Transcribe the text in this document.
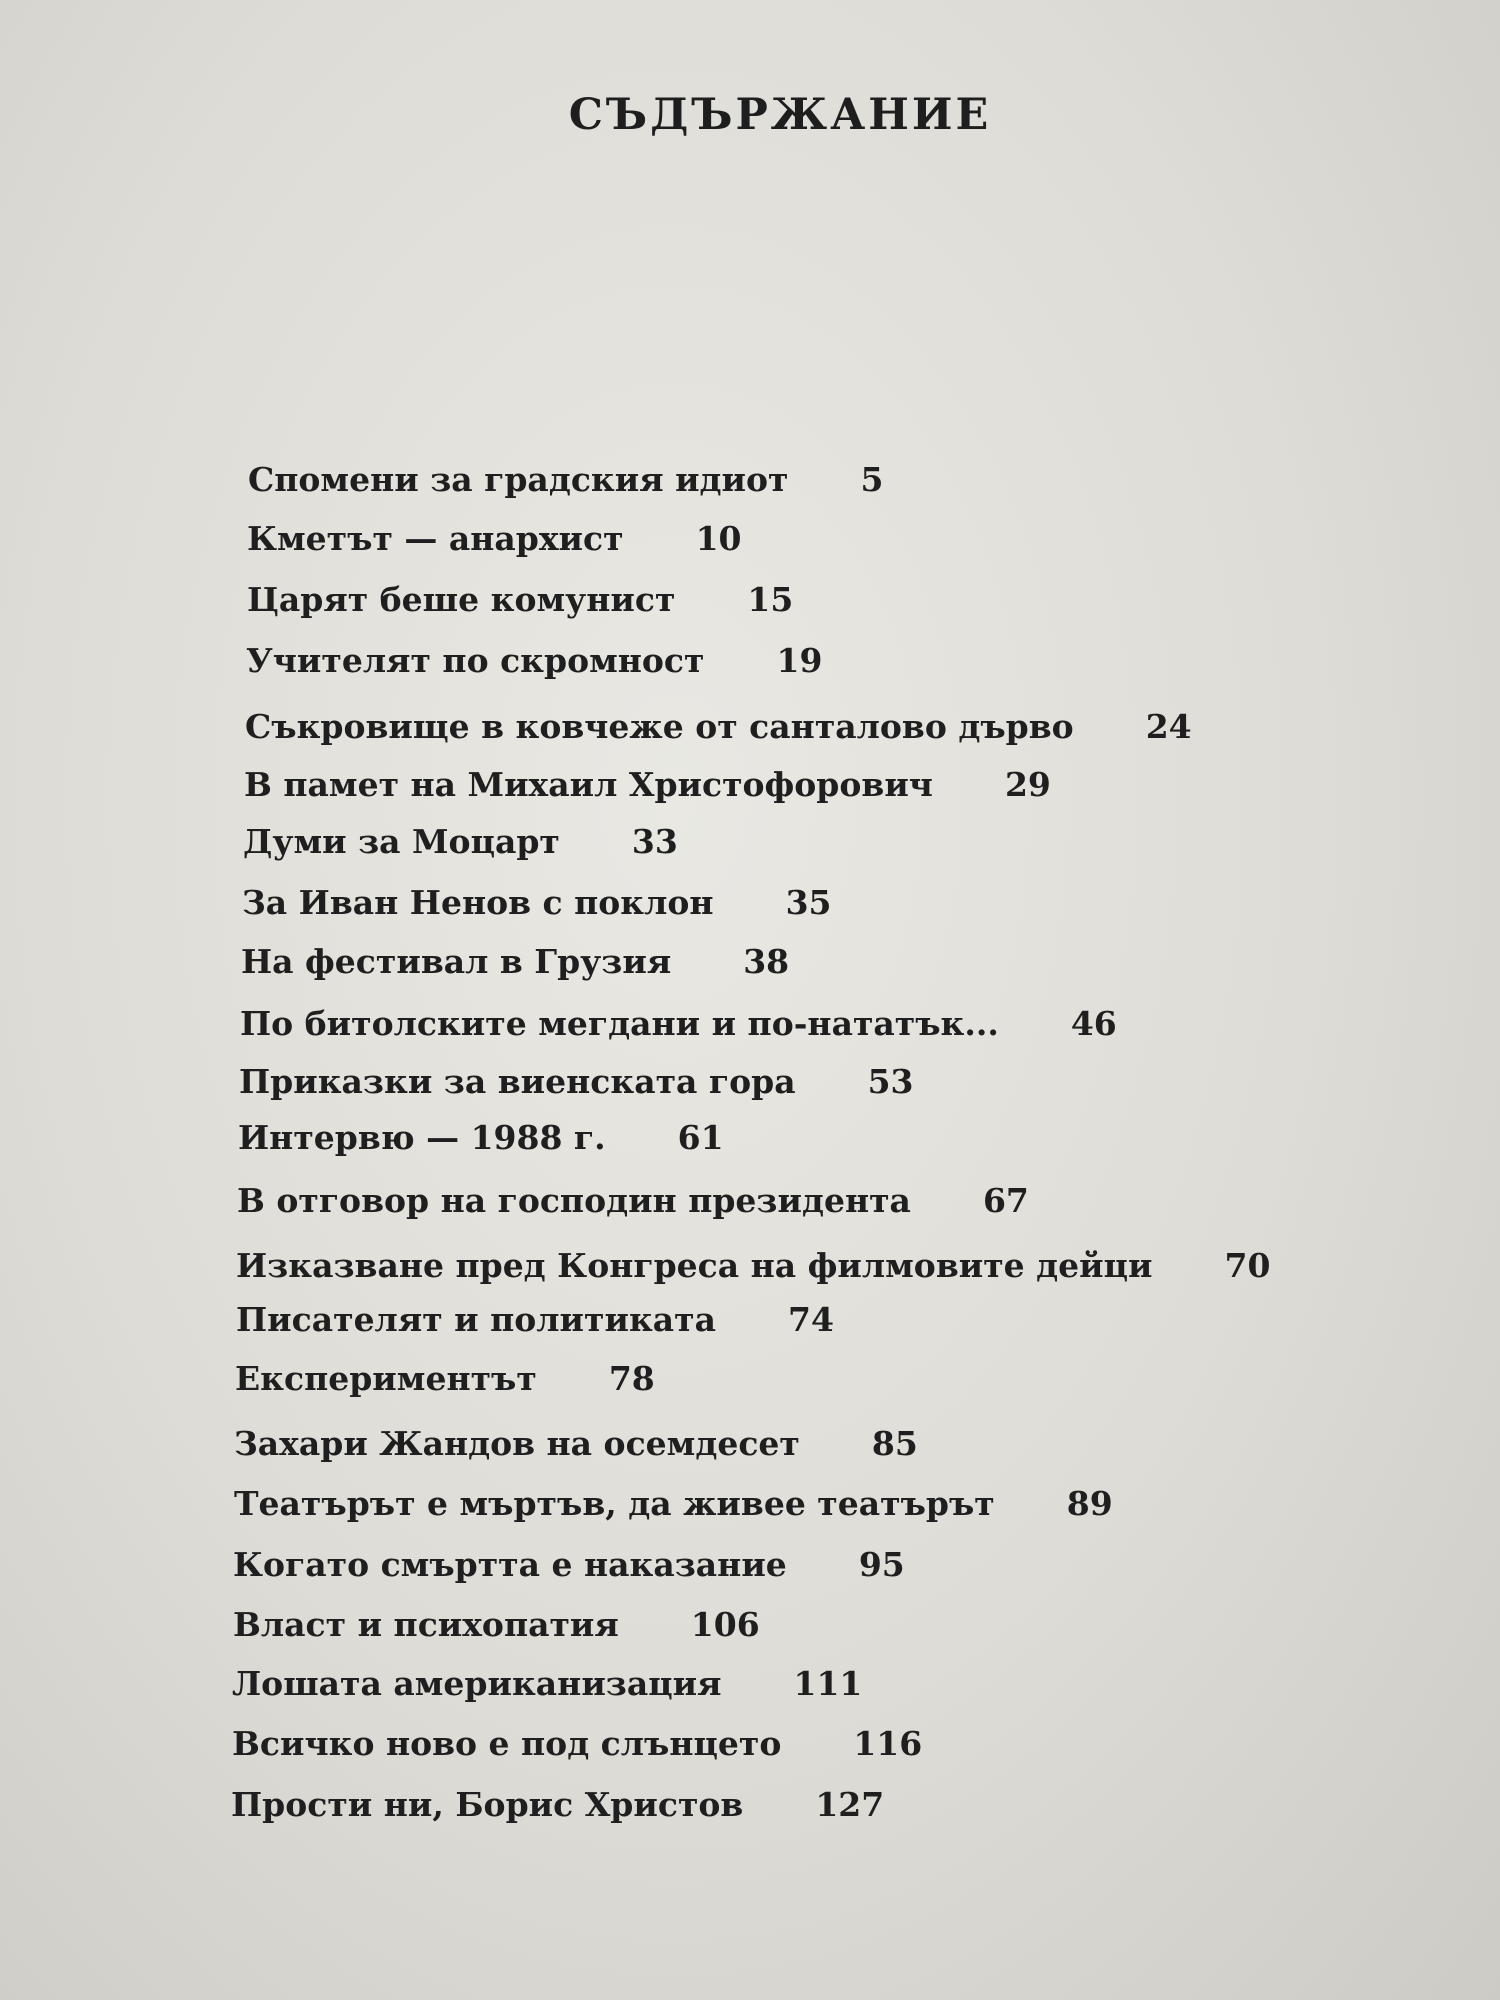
СЪДЪРЖАНИЕ
Спомени за градския идиот 5
Кметът — анархист 10
Царят беше комунист 15
Учителят по скромност 19
Съкровище в ковчеже от санталово дърво 24
В памет на Михаил Христофорович 29
Думи за Моцарт 33
За Иван Ненов с поклон 35
На фестивал в Грузия 38
По битолските мегдани и по-нататък... 46
Приказки за виенската гора 53
Интервю — 1988 г. 61
В отговор на господин президента 67
Изказване пред Конгреса на филмовите дейци 70
Писателят и политиката 74
Експериментът 78
Захари Жандов на осемдесет 85
Театърът е мъртъв, да живее театърът 89
Когато смъртта е наказание 95
Власт и психопатия 106
Лошата американизация 111
Всичко ново е под слънцето 116
Прости ни, Борис Христов 127
